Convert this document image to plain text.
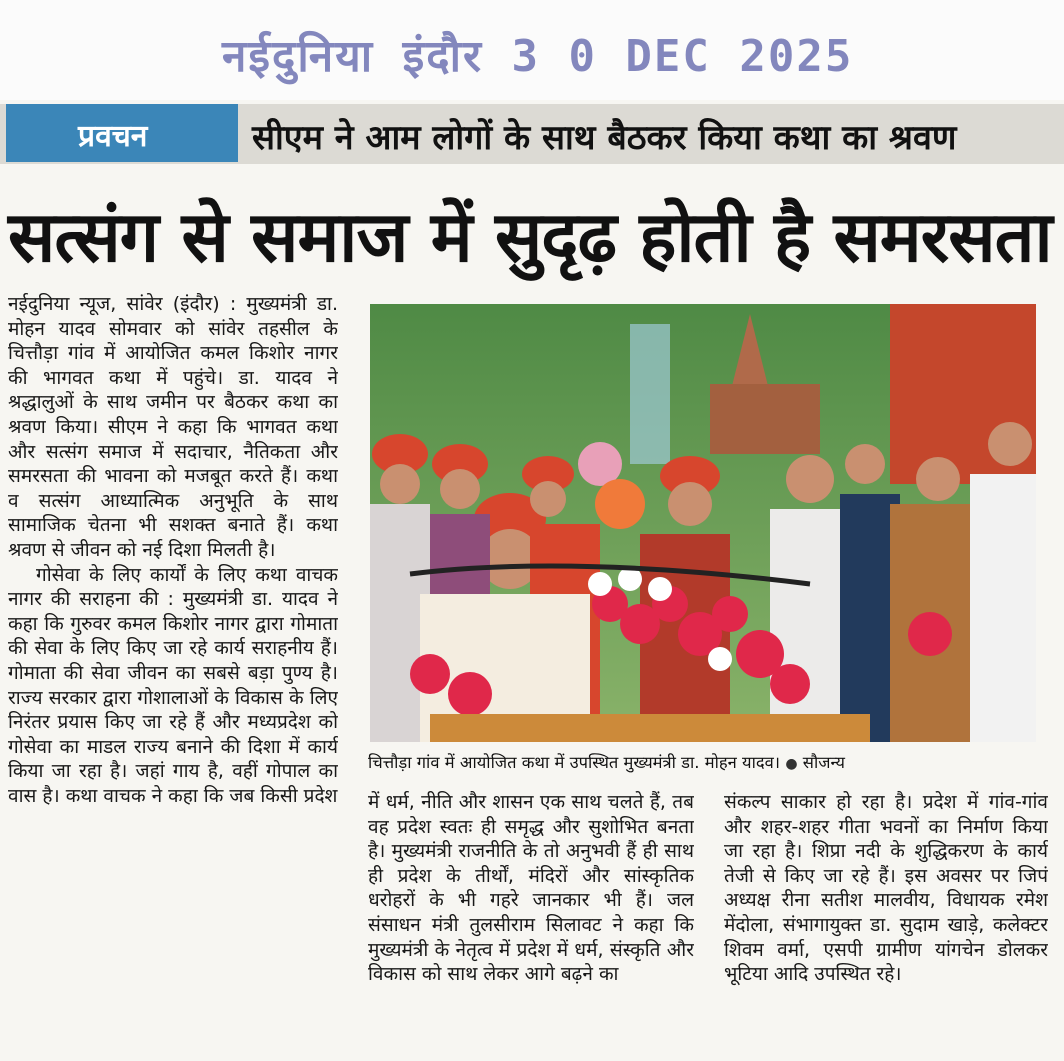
नईदुनिया इंदौर 3 0 DEC 2025
प्रवचन	सीएम ने आम लोगों के साथ बैठकर किया कथा का श्रवण
सत्संग से समाज में सुदृढ़ होती है समरसता

नईदुनिया न्यूज, सांवेर (इंदौर) : मुख्यमंत्री डा. मोहन यादव सोमवार को सांवेर तहसील के चित्तौड़ा गांव में आयोजित कमल किशोर नागर की भागवत कथा में पहुंचे। डा. यादव ने श्रद्धालुओं के साथ जमीन पर बैठकर कथा का श्रवण किया। सीएम ने कहा कि भागवत कथा और सत्संग समाज में सदाचार, नैतिकता और समरसता की भावना को मजबूत करते हैं। कथा व सत्संग आध्यात्मिक अनुभूति के साथ सामाजिक चेतना भी सशक्त बनाते हैं। कथा श्रवण से जीवन को नई दिशा मिलती है।

गोसेवा के लिए कार्यों के लिए कथा वाचक नागर की सराहना की : मुख्यमंत्री डा. यादव ने कहा कि गुरुवर कमल किशोर नागर द्वारा गोमाता की सेवा के लिए किए जा रहे कार्य सराहनीय हैं। गोमाता की सेवा जीवन का सबसे बड़ा पुण्य है। राज्य सरकार द्वारा गोशालाओं के विकास के लिए निरंतर प्रयास किए जा रहे हैं और मध्यप्रदेश को गोसेवा का माडल राज्य बनाने की दिशा में कार्य किया जा रहा है। जहां गाय है, वहीं गोपाल का वास है। कथा वाचक ने कहा कि जब किसी प्रदेश

चित्तौड़ा गांव में आयोजित कथा में उपस्थित मुख्यमंत्री डा. मोहन यादव। ● सौजन्य

में धर्म, नीति और शासन एक साथ चलते हैं, तब वह प्रदेश स्वतः ही समृद्ध और सुशोभित बनता है। मुख्यमंत्री राजनीति के तो अनुभवी हैं ही साथ ही प्रदेश के तीर्थों, मंदिरों और सांस्कृतिक धरोहरों के भी गहरे जानकार भी हैं। जल संसाधन मंत्री तुलसीराम सिलावट ने कहा कि मुख्यमंत्री के नेतृत्व में प्रदेश में धर्म, संस्कृति और विकास को साथ लेकर आगे बढ़ने का

संकल्प साकार हो रहा है। प्रदेश में गांव-गांव और शहर-शहर गीता भवनों का निर्माण किया जा रहा है। शिप्रा नदी के शुद्धिकरण के कार्य तेजी से किए जा रहे हैं। इस अवसर पर जिपं अध्यक्ष रीना सतीश मालवीय, विधायक रमेश मेंदोला, संभागायुक्त डा. सुदाम खाड़े, कलेक्टर शिवम वर्मा, एसपी ग्रामीण यांगचेन डोलकर भूटिया आदि उपस्थित रहे।
